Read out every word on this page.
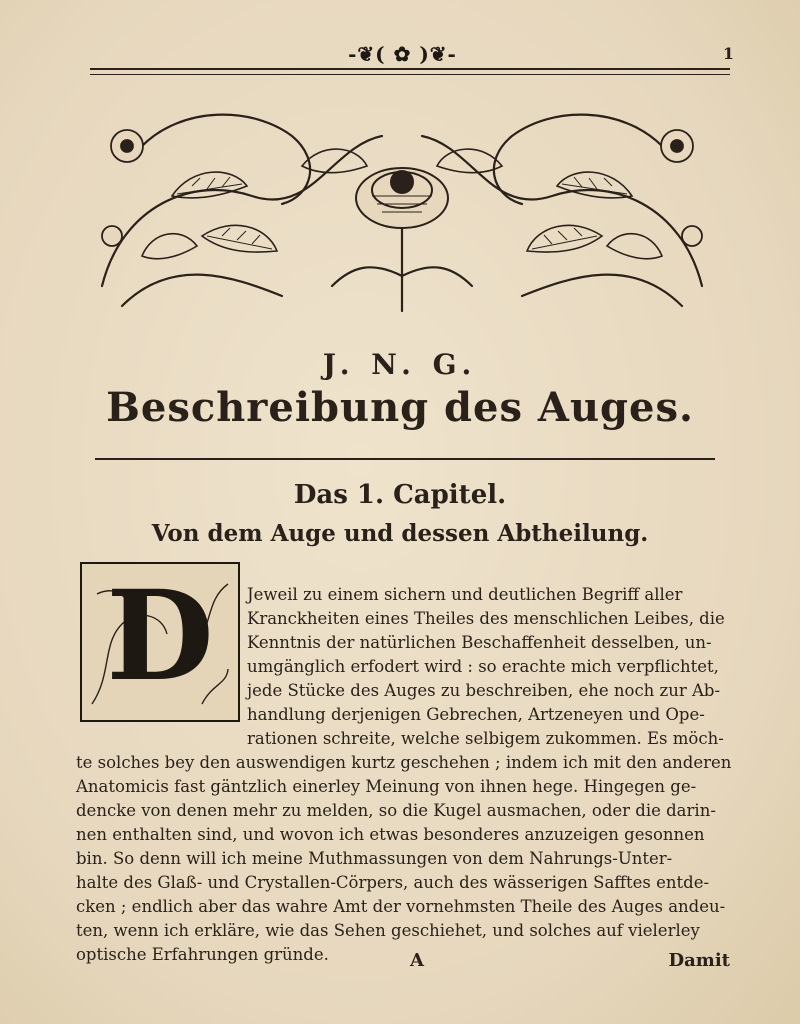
-❦( ✿ )❦-	1
J. N. G.
Beschreibung des Auges.
Das 1. Capitel.
Von dem Auge und dessen Abtheilung.
D	Jeweil zu einem sichern und deutlichen Begriff aller
Kranckheiten eines Theiles des menschlichen Leibes, die
Kenntnis der natürlichen Beschaffenheit desselben, un-
umgänglich erfodert wird : so erachte mich verpflichtet,
jede Stücke des Auges zu beschreiben, ehe noch zur Ab-
handlung derjenigen Gebrechen, Artzeneyen und Ope-
rationen schreite, welche selbigem zukommen. Es möch-
te solches bey den auswendigen kurtz geschehen ; indem ich mit den anderen
Anatomicis fast gäntzlich einerley Meinung von ihnen hege. Hingegen ge-
dencke von denen mehr zu melden, so die Kugel ausmachen, oder die darin-
nen enthalten sind, und wovon ich etwas besonderes anzuzeigen gesonnen
bin. So denn will ich meine Muthmassungen von dem Nahrungs-Unter-
halte des Glaß- und Crystallen-Cörpers, auch des wässerigen Safftes entde-
cken ; endlich aber das wahre Amt der vornehmsten Theile des Auges andeu-
ten, wenn ich erkläre, wie das Sehen geschiehet, und solches auf vielerley
optische Erfahrungen gründe.	A	Damit
